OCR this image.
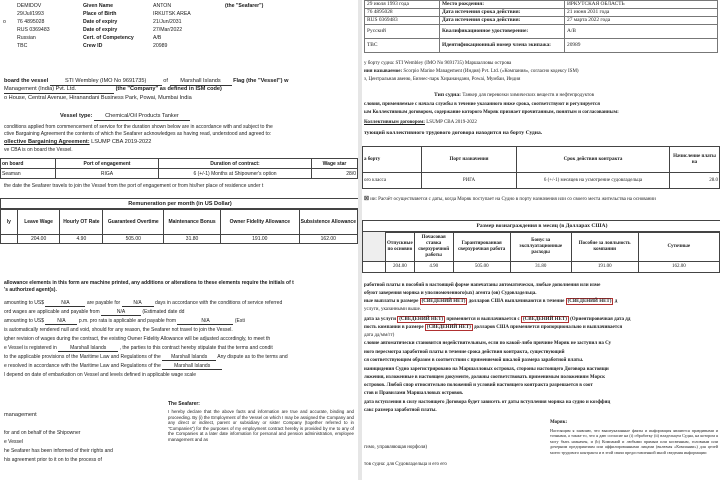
	DEMIDOV	Given Name	ANTON	(the "Seafarer")
	29/Jul/1993	Place of Birth	IRKUTSK AREA
o	76 4895028	Date of expiry	21/Jun/2031
	RUS 0369483	Date of expiry	27/Mar/2022
	Russian	Cert. of Competency	A/B
	TBC	Crew ID	20989
board the vessel	STI Wembley (IMO No 9691735)	of Marshall Islands Flag (the "Vessel") w
Management (India) Pvt. Ltd.	(the "Company" as defined in ISM code)
o House, Central Avenue, Hiranandani Business Park, Powai, Mumbai India
Vessel type: Chemical/Oil Products Tanker
conditions applied from commencement of service for the duration shown below are in accordance with and subject to the
ctive Bargaining Agreement the contents of which the Seafarer acknowledges as having read, understood and agreed to:
ollective Bargaining Agreement: LSUMP CBA 2019-2022
ve CBA is on board the Vessel.
on board	Port of engagement	Duration of contract:	Wage star
Seaman	RIGA	6 (+/-1) Months at Shipowner's option	28/0
the date the Seafarer travels to join the Vessel from the port of engagement or from his/her place of residence under t
Remuneration per month (in US Dollar)
ly	Leave Wage	Hourly OT Rate	Guaranteed Overtime	Maintenance Bonus	Owner Fidelity Allowance	Subsistence Allowance
	204.00	4.90	505.00	31.80	191.00	162.00
allowance elements in this form are machine printed, any additions or alterations to these elements require the initials of t
's authorized agent(s).
amounting to US$	N/A	are payable for	N/A	days in accordance with the conditions of service referred
ord wages are applicable and payable from	N/A	(Estimated date dd
amounting to US$	N/A	p.m. pro rata is applicable and payable from	N/A	(Esti
is automatically rendered null and void, should for any reason, the Seafarer not travel to join the Vessel.
igher revision of wages during the contract, the existing Owner Fidelity Allowance will be adjusted accordingly, to meet th
e Vessel is registered in	Marshall Islands	, the parties to this contract hereby stipulate that the terms and condit
to the applicable provisions of the Maritime Law and Regulations of the Marshall Islands Any dispute as to the terms and
e resolved in accordance with the Maritime Law and Regulations of the	Marshall Islands
l depend on date of embarkation on Vessel and levels defined in applicable wage scale
management
for and on behalf of the Shipowner
e Vessel
he Seafarer has been informed of their rights and
his agreement prior to it on to the process of
The Seafarer:
I hereby declare that the above facts and information are true and accurate, binding and proceeding. By (i) the Employment of the Vessel on which I may be assigned the Company and any direct or indirect, parent or subsidiary or sister Company (together referred to in "Companies") for the purposes of my employment contract hereby is provided by me to any of the Companies at a later date information for personal and pension administration, employee management and as
29 июля 1993 года	Место рождения:	ИРКУТСКАЯ ОБЛАСТЬ
76 4895028	Дата истечения срока действия:	21 июня 2031 года
RUS 0369483	Дата истечения срока действия:	27 марта 2022 года
Русский	Квалификационное удостоверение:	A/B
ТВС	Идентификационный номер члена экипажа:	20989
у борту судна: STI Wembley (IMO No 9691735) Маршалловы острова
ния называемое: Scorpio Marine Management (Индия) Pvt. Ltd. («Компания», согласно кодексу ISM)
з, Центральная авеню, Бизнес-парк Хиранандани, Powai, Мумбаи, Индия
Тип судна: Танкер для перевозки химических веществ и нефтепродуктов
словия, применяемые с начала службы в течение указанного ниже срока, соответствуют и регулируется
ым Коллективным договором, содержание которого Моряк признает прочитанным, понятым и согласованным:
Коллективным договором: LSUMP CBA 2019-2022
тующий коллективного трудового договора находится на борту Судна.
а борту	Порт назначения	Срок действия контракта	Начисление платы на
ого класса	РИГА	6 (+/-1) месяцев на усмотрение судовладельца	28.0
☒ ии: Расчёт осуществляется с даты, когда Моряк поступает на Судно в порту назначения или со своего места жительства на основании
Размер вознаграждения в месяц (в Долларах США)
	Отпускные по основно	Почасовая ставка сверхурочной работы	Гарантированная сверхурочная работа	Бонус за эксплуатационные расходы	Пособие за лояльность компании	Суточные
	204.00	4.90	505.00	31.80	191.00	162.00
работной платы в пособий в настоящей форме напечатаны автоматически, любые дополнения или изме
обуют заверения моряка и уполномоченного(ых) агента (ов) Судовладельца.
ные выплаты в размере (СВЕДЕНИЙ НЕТ) долларов США выплачиваются в течение (СВЕДЕНИЙ НЕТ) д
услуги, указанными выше.
дата за услуги (СВЕДЕНИЙ НЕТ) применяется и выплачивается с (СВЕДЕНИЙ НЕТ) (Ориентировочная дата дд
пость компании в размере (СВЕДЕНИЙ НЕТ) долларов США применяется пропорционально и выплачивается
дата дд/мм/гг)
словие автоматически становится недействительным, если по какой-либо причине Моряк не заступил на Су
ного пересмотра заработной платы в течение срока действия контракта, существующий
ся соответствующим образом в соответствии с применяемой шкалой размера заработной платы.
ианицидения Судно зарегистрировано на Маршалловых островах, стороны настоящего Договора настоящи
ложения, изложенные в настоящем документе, должны соответствовать применимым положениям Морск
островов. Любой спор относительно положений и условий настоящего контракта разрешается в соот
стов и Правилами Маршалловых островов.
дата вступления в силу настоящего Договора будет зависеть от даты вступления моряка на судно и коэффиц
сакс размера заработной платы.
Моряк:
Настоящим я заявляю, что вышеуказанные факты и информация являются правдивыми и точными, а также то, что я даю согласие на (i) обработку (ii) владельцем Судна, на котором я могу быть назначен, и (b) Компаний и любыми прямым или косвенным, головным или дочерним предприятиям или аффилированными лицами (включая «Компании») для целей моего трудового контракта и в этой связи предоставленной мной сведения информации
гимо, управляющая норфоля)
тов судна: для Судовладельца и его его
